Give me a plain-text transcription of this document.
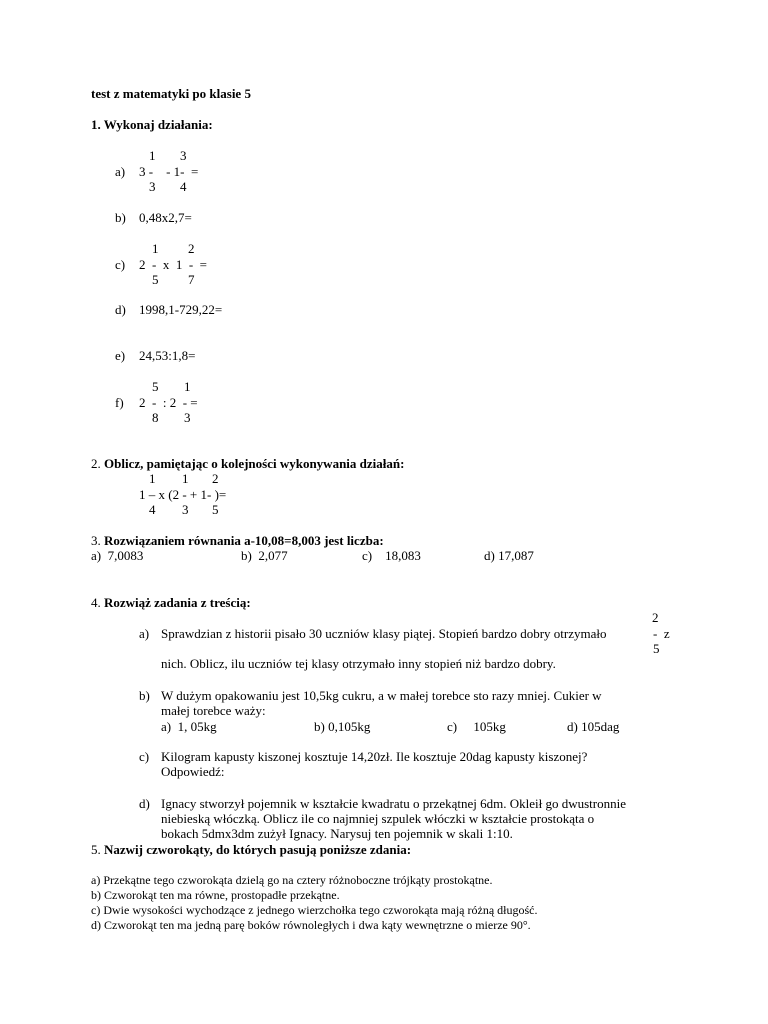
test z matematyki po klasie 5
1. Wykonaj działania:
1 3
a) 3 -    - 1-  =
3 4
b) 0,48x2,7=
1 2
c) 2  -  x  1  -  =
5 7
d) 1998,1-729,22=
e) 24,53:1,8=
5 1
f) 2  -  : 2  - =
8 3
2. Oblicz, pamiętając o kolejności wykonywania działań:
1 1 2
1 – x (2 - + 1- )=
4 3 5
3. Rozwiązaniem równania a-10,08=8,003 jest liczba:
a) 7,0083	b) 2,077	c) 18,083	d) 17,087
4. Rozwiąż zadania z treścią:
2
a) Sprawdzian z historii pisało 30 uczniów klasy piątej. Stopień bardzo dobry otrzymało	-  z
5
nich. Oblicz, ilu uczniów tej klasy otrzymało inny stopień niż bardzo dobry.
b) W dużym opakowaniu jest 10,5kg cukru, a w małej torebce sto razy mniej. Cukier w
małej torebce waży:
a) 1, 05kg	b) 0,105kg	c) 105kg	d) 105dag
c) Kilogram kapusty kiszonej kosztuje 14,20zł. Ile kosztuje 20dag kapusty kiszonej?
Odpowiedź:
d) Ignacy stworzył pojemnik w kształcie kwadratu o przekątnej 6dm. Okleił go dwustronnie
niebieską włóczką. Oblicz ile co najmniej szpulek włóczki w kształcie prostokąta o
bokach 5dmx3dm zużył Ignacy. Narysuj ten pojemnik w skali 1:10.
5. Nazwij czworokąty, do których pasują poniższe zdania:
a) Przekątne tego czworokąta dzielą go na cztery różnoboczne trójkąty prostokątne.
b) Czworokąt ten ma równe, prostopadłe przekątne.
c) Dwie wysokości wychodzące z jednego wierzchołka tego czworokąta mają różną długość.
d) Czworokąt ten ma jedną parę boków równoległych i dwa kąty wewnętrzne o mierze 90°.
